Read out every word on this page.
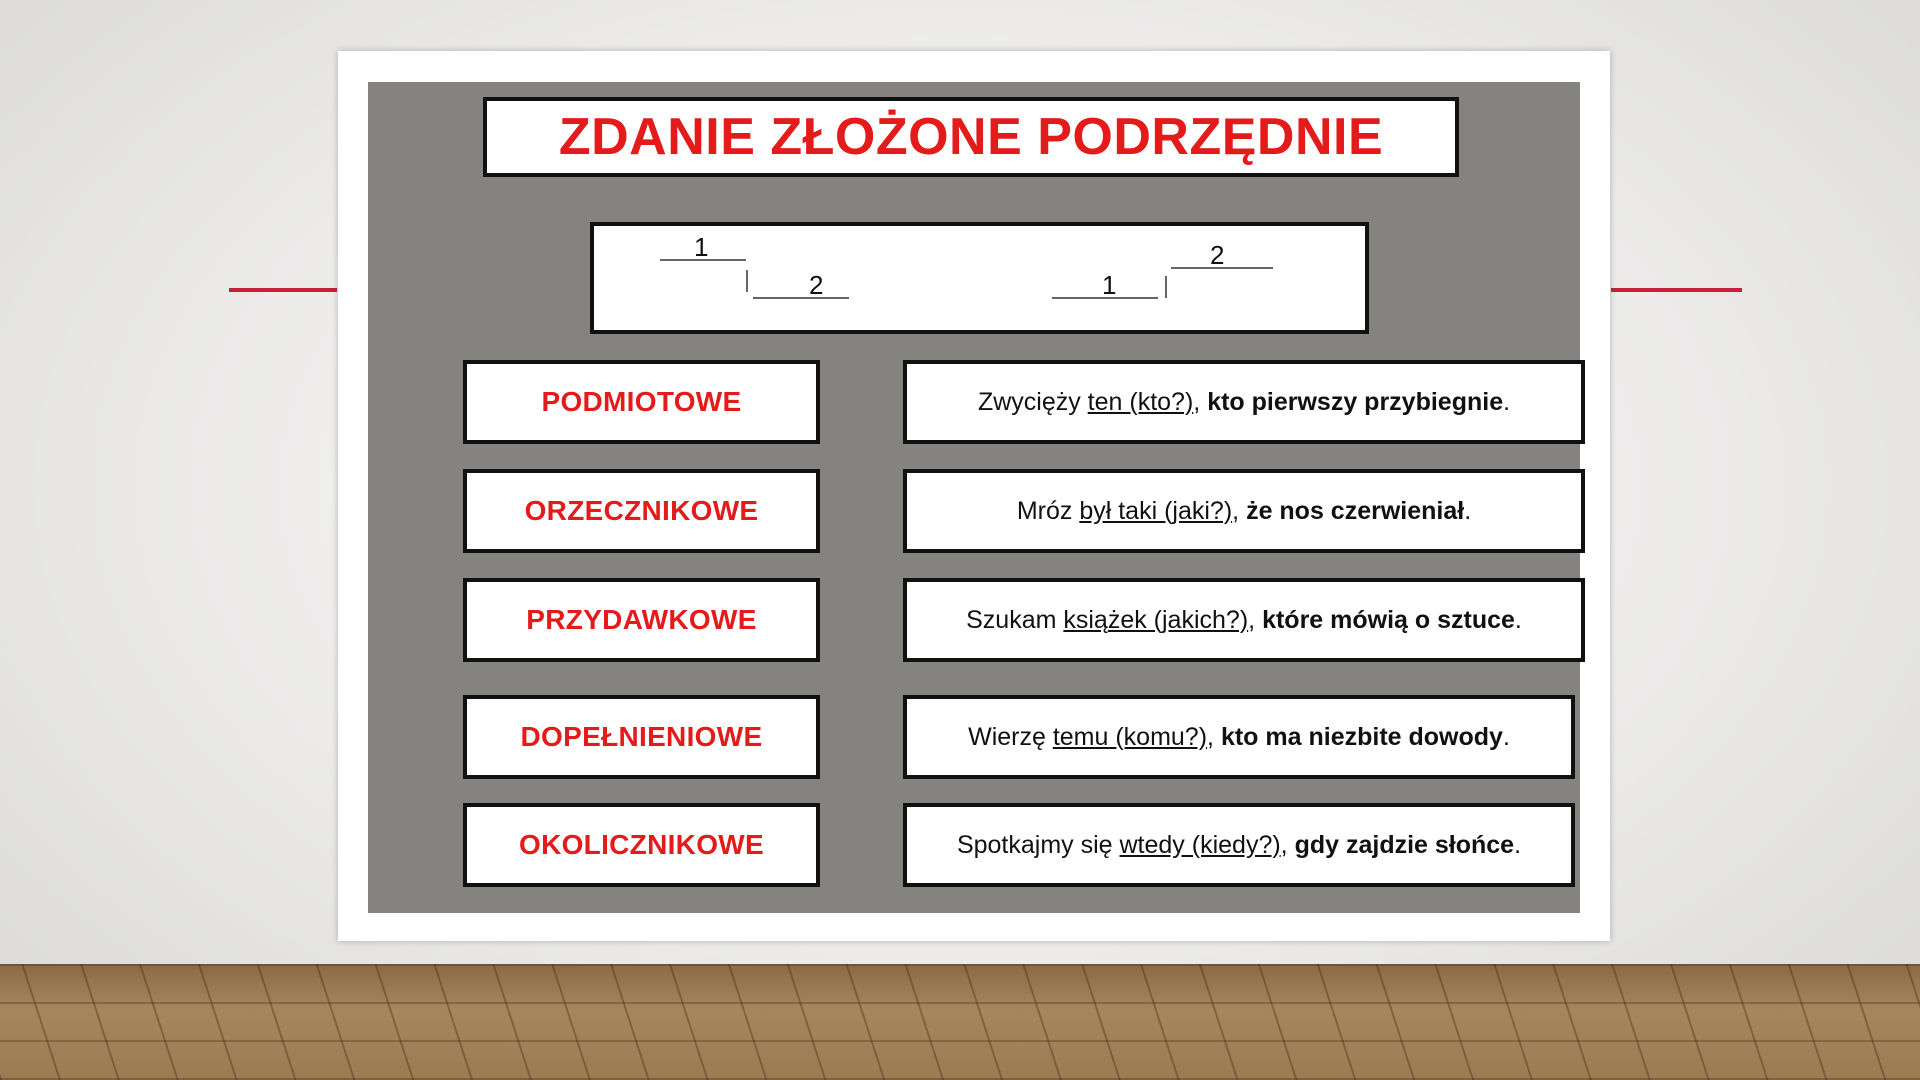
ZDANIE ZŁOŻONE PODRZĘDNIE
1
2
2
1
PODMIOTOWE	Zwycięży ten (kto?), kto pierwszy przybiegnie.
ORZECZNIKOWE	Mróz był taki (jaki?), że nos czerwieniał.
PRZYDAWKOWE	Szukam książek (jakich?), które mówią o sztuce.
DOPEŁNIENIOWE	Wierzę temu (komu?), kto ma niezbite dowody.
OKOLICZNIKOWE	Spotkajmy się wtedy (kiedy?), gdy zajdzie słońce.
